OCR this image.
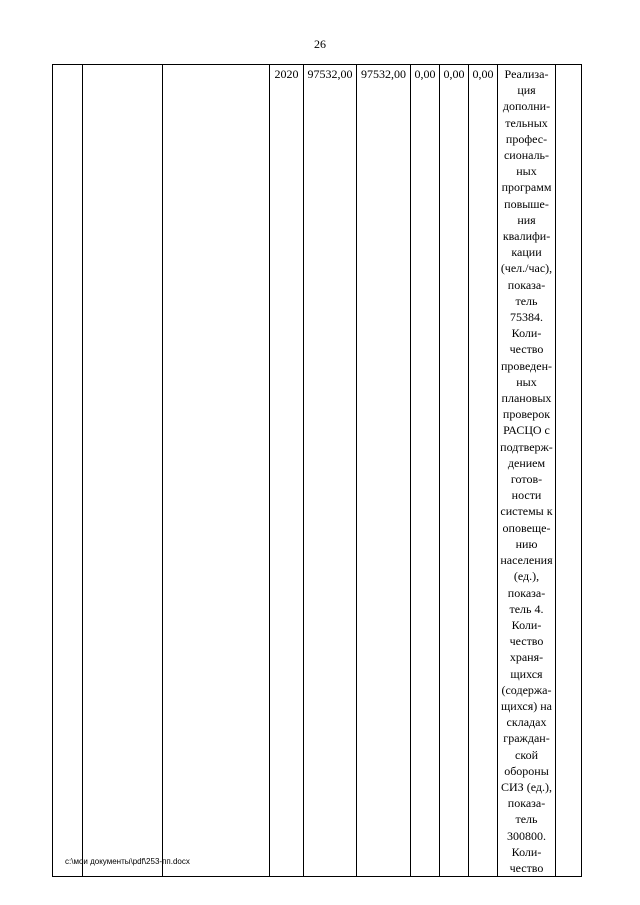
26
			2020	97532,00	97532,00	0,00	0,00	0,00	Реализа-
ция
дополни-
тельных
профес-
сиональ-
ных
программ
повыше-
ния
квалифи-
кации
(чел./час),
показа-
тель
75384.
Коли-
чество
проведен-
ных
плановых
проверок
РАСЦО с
подтверж-
дением
готов-
ности
системы к
оповеще-
нию
населения
(ед.),
показа-
тель 4.
Коли-
чество
храня-
щихся
(содержа-
щихся) на
складах
граждан-
ской
обороны
СИЗ (ед.),
показа-
тель
300800.
Коли-
чество

c:\мои документы\pdf\253-пп.docx
